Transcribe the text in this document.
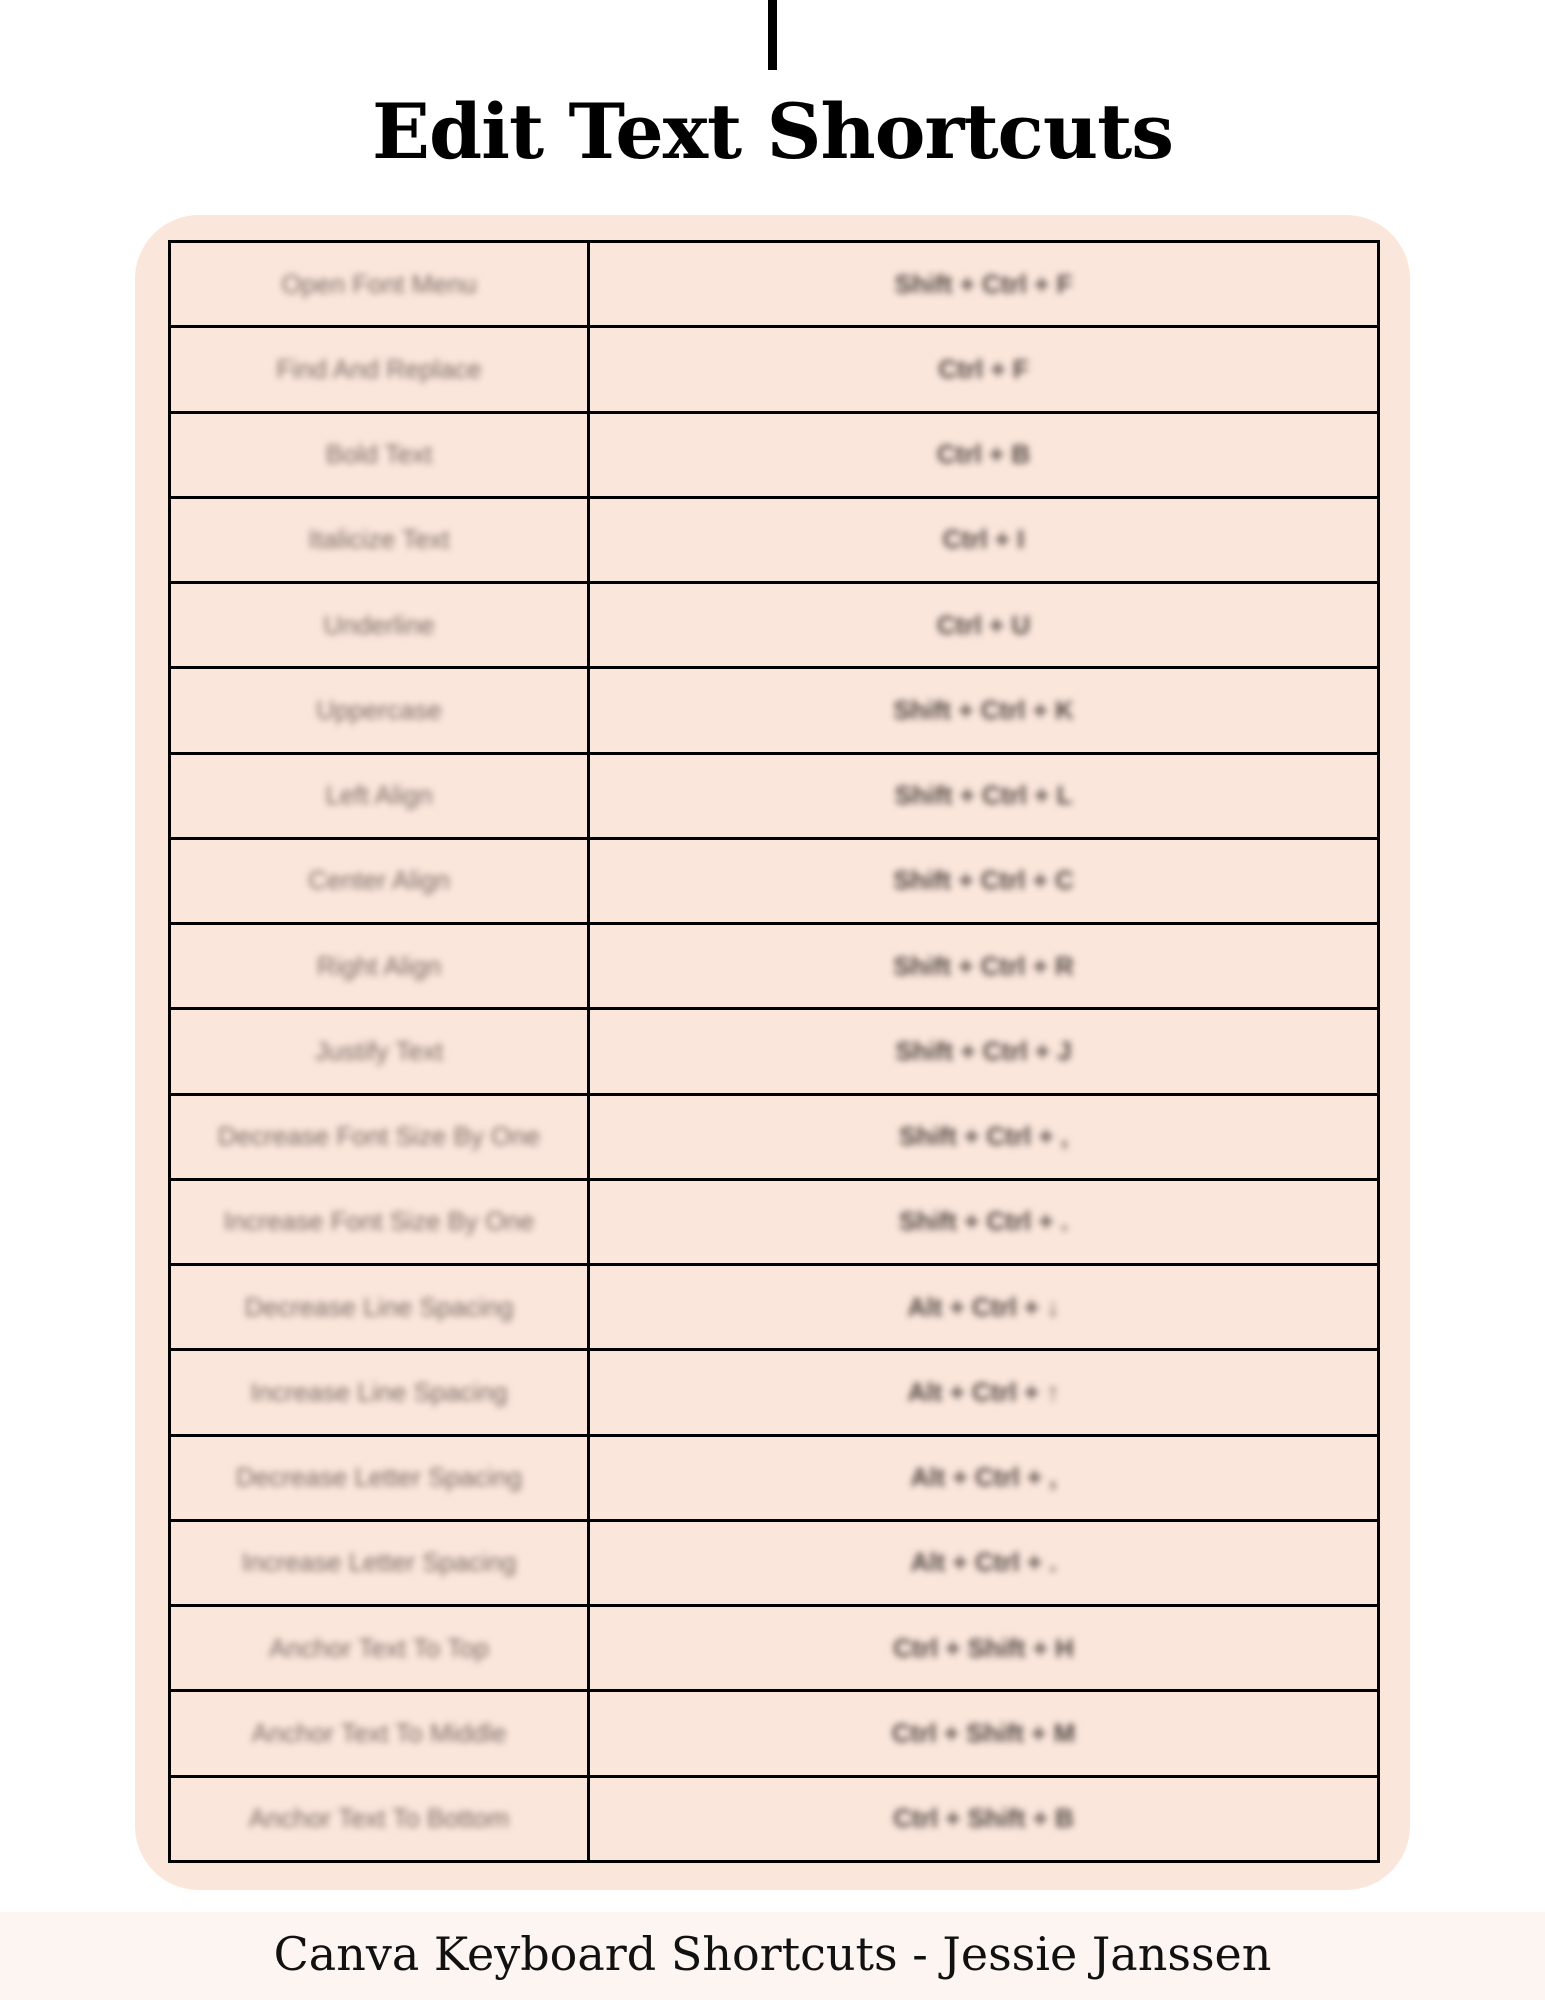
Edit Text Shortcuts
Open Font Menu	Shift + Ctrl + F
Find And Replace	Ctrl + F
Bold Text	Ctrl + B
Italicize Text	Ctrl + I
Underline	Ctrl + U
Uppercase	Shift + Ctrl + K
Left Align	Shift + Ctrl + L
Center Align	Shift + Ctrl + C
Right Align	Shift + Ctrl + R
Justify Text	Shift + Ctrl + J
Decrease Font Size By One	Shift + Ctrl + ,
Increase Font Size By One	Shift + Ctrl + .
Decrease Line Spacing	Alt + Ctrl + ↓
Increase Line Spacing	Alt + Ctrl + ↑
Decrease Letter Spacing	Alt + Ctrl + ,
Increase Letter Spacing	Alt + Ctrl + .
Anchor Text To Top	Ctrl + Shift + H
Anchor Text To Middle	Ctrl + Shift + M
Anchor Text To Bottom	Ctrl + Shift + B
Canva Keyboard Shortcuts - Jessie Janssen
